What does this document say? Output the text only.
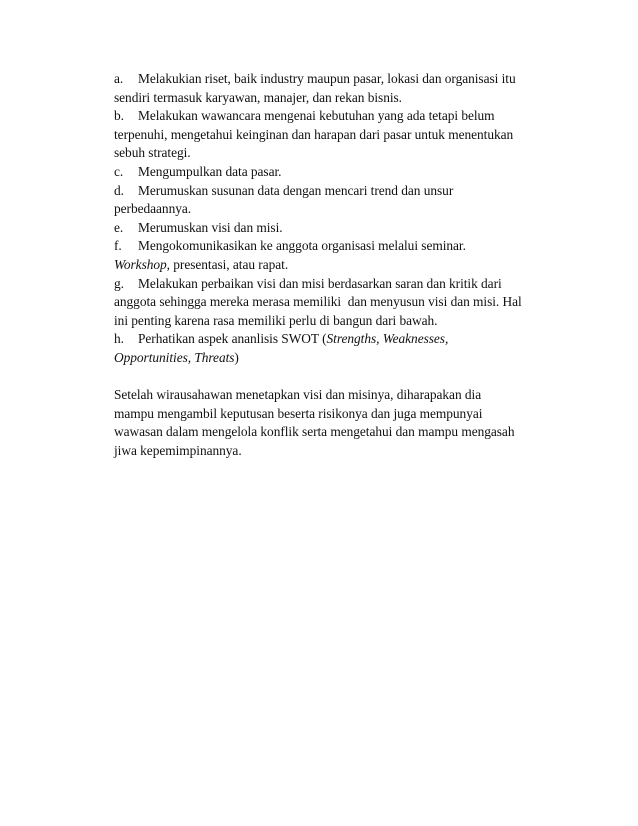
a. Melakukian riset, baik industry maupun pasar, lokasi dan organisasi itu
sendiri termasuk karyawan, manajer, dan rekan bisnis.
b. Melakukan wawancara mengenai kebutuhan yang ada tetapi belum
terpenuhi, mengetahui keinginan dan harapan dari pasar untuk menentukan
sebuh strategi.
c. Mengumpulkan data pasar.
d. Merumuskan susunan data dengan mencari trend dan unsur
perbedaannya.
e. Merumuskan visi dan misi.
f. Mengokomunikasikan ke anggota organisasi melalui seminar.
Workshop, presentasi, atau rapat.
g. Melakukan perbaikan visi dan misi berdasarkan saran dan kritik dari
anggota sehingga mereka merasa memiliki  dan menyusun visi dan misi. Hal
ini penting karena rasa memiliki perlu di bangun dari bawah.
h. Perhatikan aspek ananlisis SWOT (Strengths, Weaknesses,
Opportunities, Threats)
Setelah wirausahawan menetapkan visi dan misinya, diharapakan dia
mampu mengambil keputusan beserta risikonya dan juga mempunyai
wawasan dalam mengelola konflik serta mengetahui dan mampu mengasah
jiwa kepemimpinannya.
